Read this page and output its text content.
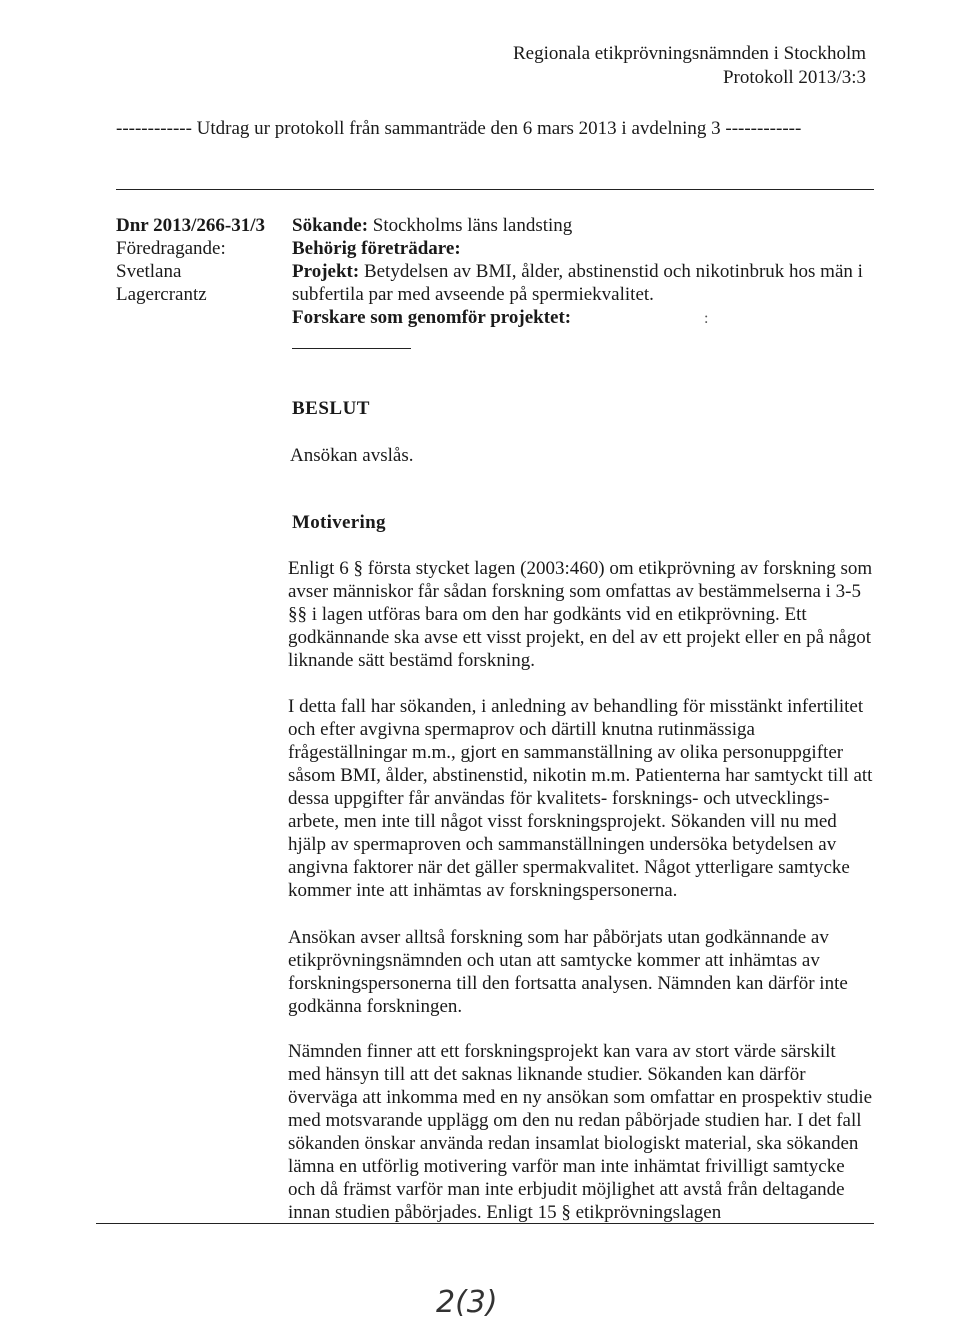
Regionala etikprövningsnämnden i Stockholm
Protokoll 2013/3:3
------------ Utdrag ur protokoll från sammanträde den 6 mars 2013 i avdelning 3 ------------
Dnr 2013/266-31/3
Föredragande:
Svetlana
Lagercrantz
Sökande: Stockholms läns landsting
Behörig företrädare:
Projekt: Betydelsen av BMI, ålder, abstinenstid och nikotinbruk hos män i subfertila par med avseende på spermiekvalitet.
Forskare som genomför projektet:	:
BESLUT
Ansökan avslås.
Motivering

Enligt 6 § första stycket lagen (2003:460) om etikprövning av forskning som avser människor får sådan forskning som omfattas av bestämmelserna i 3-5 §§ i lagen utföras bara om den har godkänts vid en etikprövning. Ett godkännande ska avse ett visst projekt, en del av ett projekt eller en på något liknande sätt bestämd forskning.

I detta fall har sökanden, i anledning av behandling för misstänkt infertilitet och efter avgivna spermaprov och därtill knutna rutinmässiga frågeställningar m.m., gjort en sammanställning av olika personuppgifter såsom BMI, ålder, abstinenstid, nikotin m.m. Patienterna har samtyckt till att dessa uppgifter får användas för kvalitets- forsknings- och utvecklings-arbete, men inte till något visst forskningsprojekt. Sökanden vill nu med hjälp av spermaproven och sammanställningen undersöka betydelsen av angivna faktorer när det gäller spermakvalitet. Något ytterligare samtycke kommer inte att inhämtas av forskningspersonerna.

Ansökan avser alltså forskning som har påbörjats utan godkännande av etikprövningsnämnden och utan att samtycke kommer att inhämtas av forskningspersonerna till den fortsatta analysen. Nämnden kan därför inte godkänna forskningen.

Nämnden finner att ett forskningsprojekt kan vara av stort värde särskilt med hänsyn till att det saknas liknande studier. Sökanden kan därför överväga att inkomma med en ny ansökan som omfattar en prospektiv studie med motsvarande upplägg om den nu redan påbörjade studien har. I det fall sökanden önskar använda redan insamlat biologiskt material, ska sökanden lämna en utförlig motivering varför man inte inhämtat frivilligt samtycke och då främst varför man inte erbjudit möjlighet att avstå från deltagande innan studien påbörjades. Enligt 15 § etikprövningslagen

2(3)
